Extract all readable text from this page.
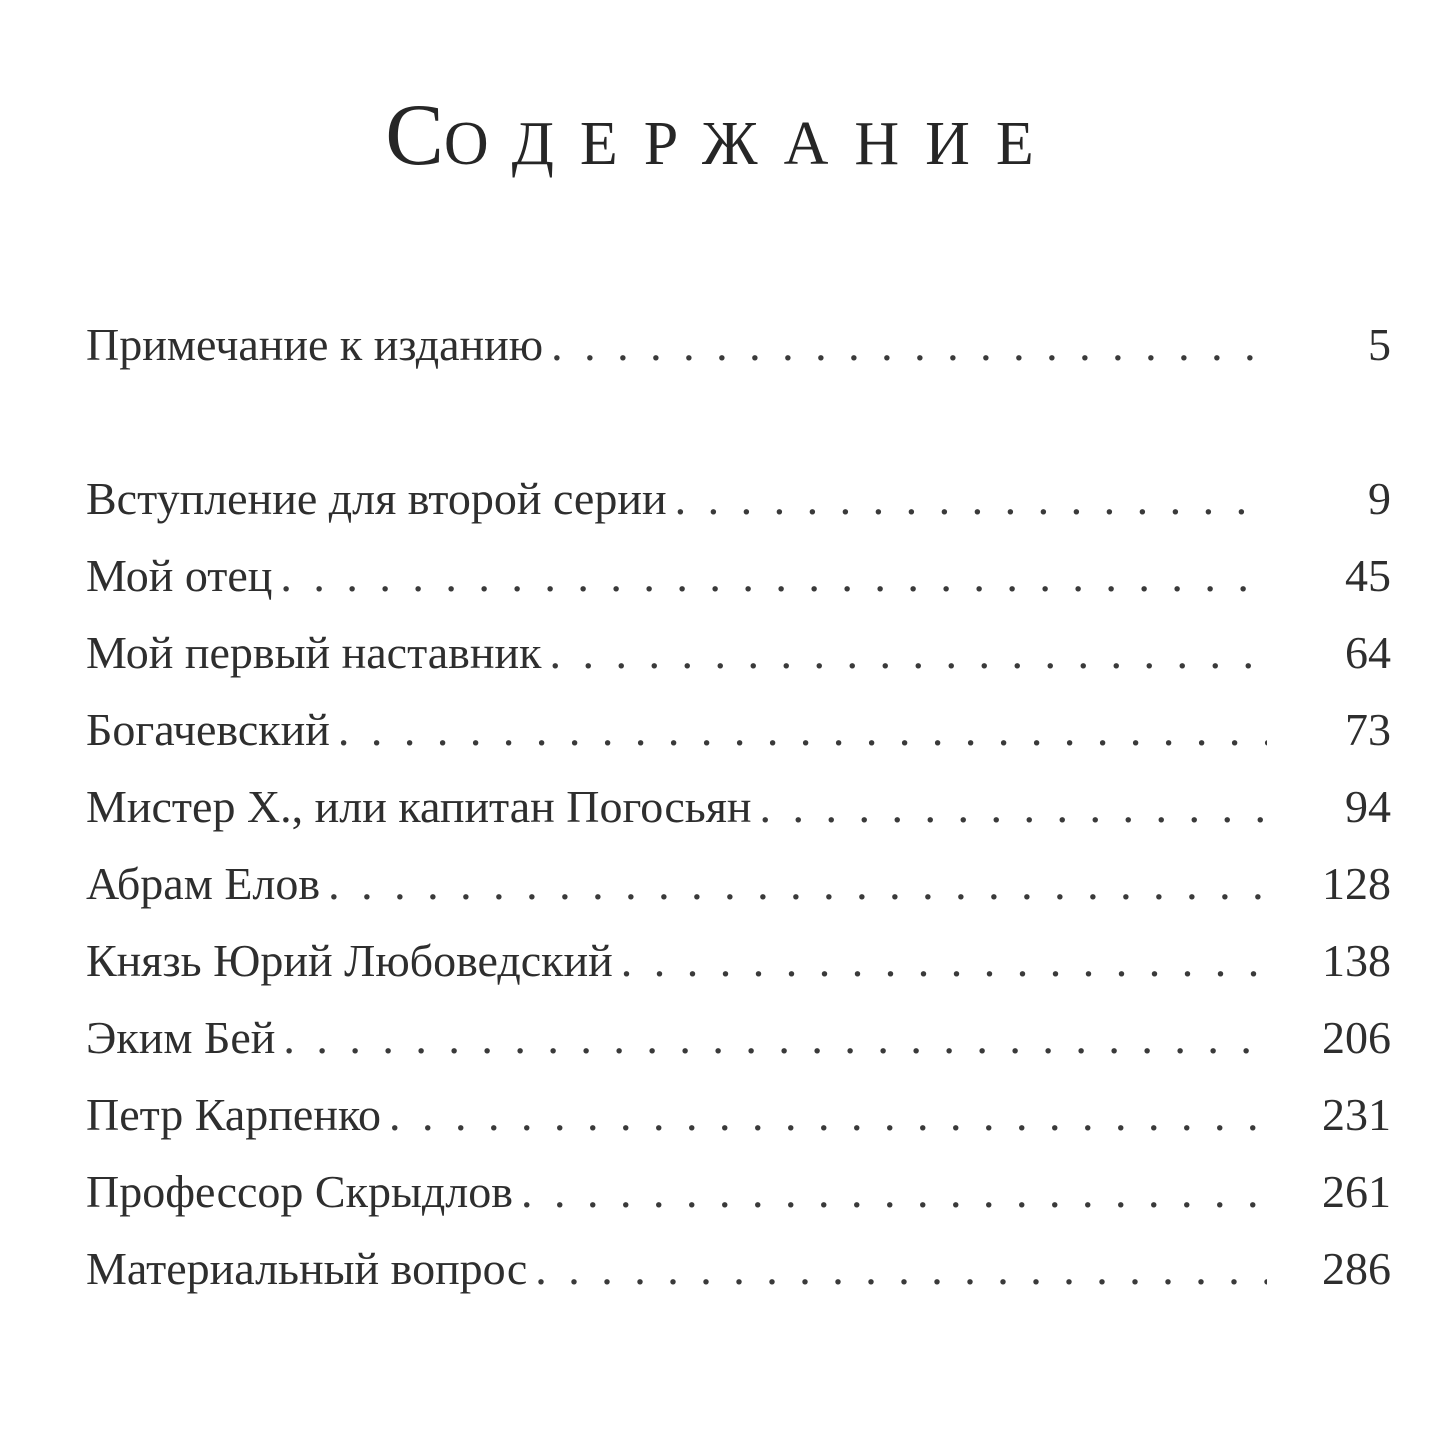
СОДЕРЖАНИЕ
Примечание к изданию . . .	5
Вступление для второй серии . . .	9
Мой отец . . .	45
Мой первый наставник . . .	64
Богачевский . . .	73
Мистер Х., или капитан Погосьян . . .	94
Абрам Елов . . .	128
Князь Юрий Любоведский . . .	138
Эким Бей . . .	206
Петр Карпенко . . .	231
Профессор Скрыдлов . . .	261
Материальный вопрос . . .	286
